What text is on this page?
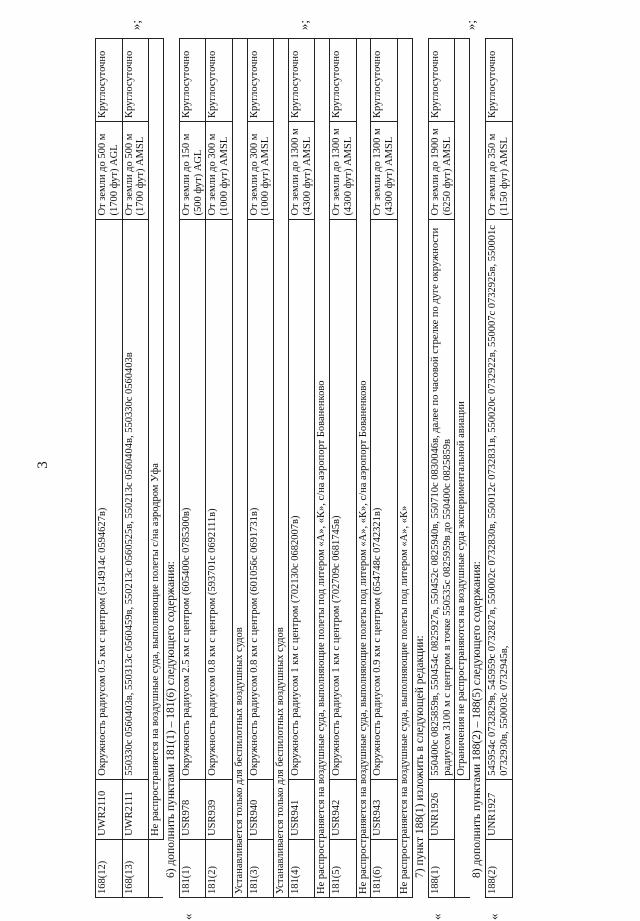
3
»;
168(12)	UWR2110	Окружность радиусом 0.5 км с центром (514914с 0594627в)	От земли до 500 м (1700 фут) AGL	Круглосуточно
168(13)	UWR2111	550330с 0560403в, 550313с 0560459в, 550213с 0560525в, 550213с 0560404в, 550330с 0560403в	От земли до 500 м (1700 фут) AMSL	Круглосуточно
	Не распространяется на воздушные суда, выполняющие полеты с/на аэродром Уфа			6) дополнить пунктами 181(1) – 181(6) следующего содержания:
«
»;
181(1)	USR978	Окружность радиусом 2.5 км с центром (605400с 0785300в)	От земли до 150 м (500 фут) AGL	Круглосуточно
181(2)	USR939	Окружность радиусом 0.8 км с центром (593701с 0692111в)	От земли до 300 м (1000 фут) AMSL	Круглосуточно
Устанавливается только для беспилотных воздушных судов				
181(3)	USR940	Окружность радиусом 0.8 км с центром (601056с 0691731в)	От земли до 300 м (1000 фут) AMSL	Круглосуточно
Устанавливается только для беспилотных воздушных судов				
181(4)	USR941	Окружность радиусом 1 км с центром (702130с 0682007в)	От земли до 1300 м (4300 фут) AMSL	Круглосуточно
Не распространяется на воздушные суда, выполняющие полеты под литером «А», «К», с/на аэропорт Бованенково				
181(5)	USR942	Окружность радиусом 1 км с центром (702709с 0681745в)	От земли до 1300 м (4300 фут) AMSL	Круглосуточно
Не распространяется на воздушные суда, выполняющие полеты под литером «А», «К», с/на аэропорт Бованенково				
181(6)	USR943	Окружность радиусом 0.9 км с центром (654748с 0742321в)	От земли до 1300 м (4300 фут) AMSL	Круглосуточно
Не распространяется на воздушные суда, выполняющие полеты под литером «А», «К»				7) пункт 188(1) изложить в следующей редакции:
«
»;
188(1)	UNR1926	550400с 0825859в, 550454с 0825927в, 550452с 0825940в, 550710с 0830046в, далее по часовой стрелке по дуге окружности радиусом 3100 м с центром в точке 550535с 0825959в до 550400с 0825859в	От земли до 1900 м (6250 фут) AMSL	Круглосуточно
		Ограничения не распространяются на воздушные суда экспериментальной авиации		8) дополнить пунктами 188(2) – 188(5) следующего содержания:
«
188(2)	UNR1927	545954с 0732829в, 545959с 0732827в, 550002с 0732830в, 550012с 0732831в, 550020с 0732922в, 550007с 0732925в, 550001с 0732930в, 550003с 0732945в,	От земли до 350 м (1150 фут) AMSL	Круглосуточно
